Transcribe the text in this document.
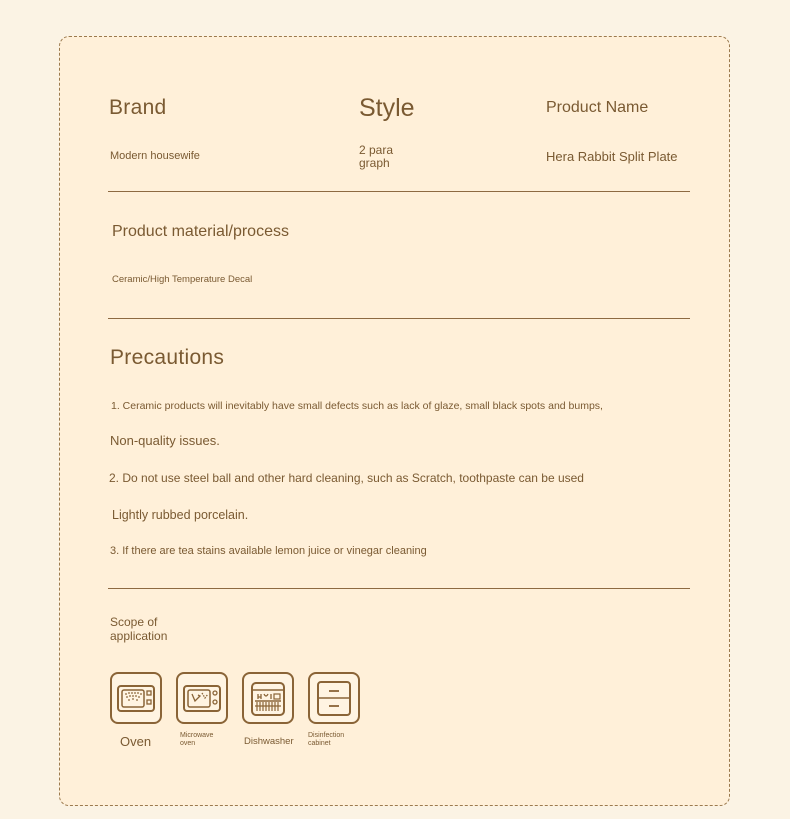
Brand
Modern housewife
Style
2 para
graph
Product Name
Hera Rabbit Split Plate
Product material/process
Ceramic/High Temperature Decal
Precautions
1. Ceramic products will inevitably have small defects such as lack of glaze, small black spots and bumps,
Non-quality issues.
2. Do not use steel ball and other hard cleaning, such as Scratch, toothpaste can be used
Lightly rubbed porcelain.
3. If there are tea stains available lemon juice or vinegar cleaning
Scope of
application
Oven	Microwave
oven	Dishwasher
Disinfection
cabinet
